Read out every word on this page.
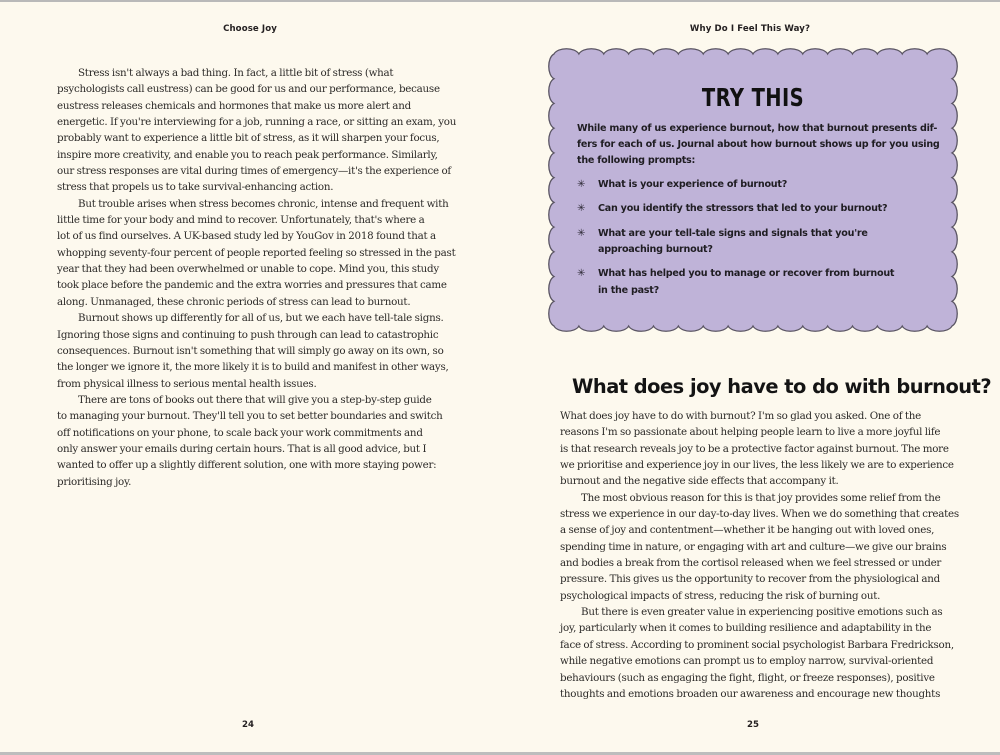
Choose Joy

Stress isn't always a bad thing. In fact, a little bit of stress (what
psychologists call eustress) can be good for us and our performance, because
eustress releases chemicals and hormones that make us more alert and
energetic. If you're interviewing for a job, running a race, or sitting an exam, you
probably want to experience a little bit of stress, as it will sharpen your focus,
inspire more creativity, and enable you to reach peak performance. Similarly,
our stress responses are vital during times of emergency—it's the experience of
stress that propels us to take survival-enhancing action.

But trouble arises when stress becomes chronic, intense and frequent with
little time for your body and mind to recover. Unfortunately, that's where a
lot of us find ourselves. A UK-based study led by YouGov in 2018 found that a
whopping seventy-four percent of people reported feeling so stressed in the past
year that they had been overwhelmed or unable to cope. Mind you, this study
took place before the pandemic and the extra worries and pressures that came
along. Unmanaged, these chronic periods of stress can lead to burnout.

Burnout shows up differently for all of us, but we each have tell-tale signs.
Ignoring those signs and continuing to push through can lead to catastrophic
consequences. Burnout isn't something that will simply go away on its own, so
the longer we ignore it, the more likely it is to build and manifest in other ways,
from physical illness to serious mental health issues.

There are tons of books out there that will give you a step-by-step guide
to managing your burnout. They'll tell you to set better boundaries and switch
off notifications on your phone, to scale back your work commitments and
only answer your emails during certain hours. That is all good advice, but I
wanted to offer up a slightly different solution, one with more staying power:
prioritising joy.

24
Why Do I Feel This Way?
TRY THIS
While many of us experience burnout, how that burnout presents dif-
fers for each of us. Journal about how burnout shows up for you using
the following prompts:
✳ What is your experience of burnout?
✳ Can you identify the stressors that led to your burnout?
✳ What are your tell-tale signs and signals that you're
approaching burnout?
✳ What has helped you to manage or recover from burnout
in the past?
What does joy have to do with burnout?

What does joy have to do with burnout? I'm so glad you asked. One of the
reasons I'm so passionate about helping people learn to live a more joyful life
is that research reveals joy to be a protective factor against burnout. The more
we prioritise and experience joy in our lives, the less likely we are to experience
burnout and the negative side effects that accompany it.

The most obvious reason for this is that joy provides some relief from the
stress we experience in our day-to-day lives. When we do something that creates
a sense of joy and contentment—whether it be hanging out with loved ones,
spending time in nature, or engaging with art and culture—we give our brains
and bodies a break from the cortisol released when we feel stressed or under
pressure. This gives us the opportunity to recover from the physiological and
psychological impacts of stress, reducing the risk of burning out.

But there is even greater value in experiencing positive emotions such as
joy, particularly when it comes to building resilience and adaptability in the
face of stress. According to prominent social psychologist Barbara Fredrickson,
while negative emotions can prompt us to employ narrow, survival-oriented
behaviours (such as engaging the fight, flight, or freeze responses), positive
thoughts and emotions broaden our awareness and encourage new thoughts

25
